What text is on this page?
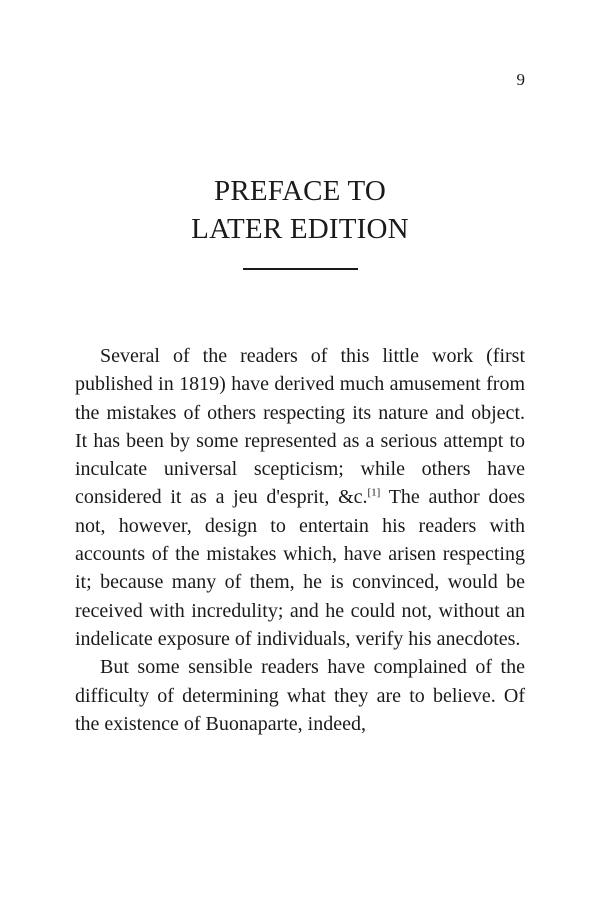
9
PREFACE TO
LATER EDITION

Several of the readers of this little work (first published in 1819) have derived much amusement from the mistakes of others respecting its nature and object. It has been by some represented as a serious attempt to inculcate universal scepticism; while others have considered it as a jeu d'esprit, &c.[1] The author does not, however, design to entertain his readers with accounts of the mistakes which, have arisen respecting it; because many of them, he is convinced, would be received with incredulity; and he could not, without an indelicate exposure of individuals, verify his anecdotes.

But some sensible readers have complained of the difficulty of determining what they are to believe. Of the existence of Buonaparte, indeed,
